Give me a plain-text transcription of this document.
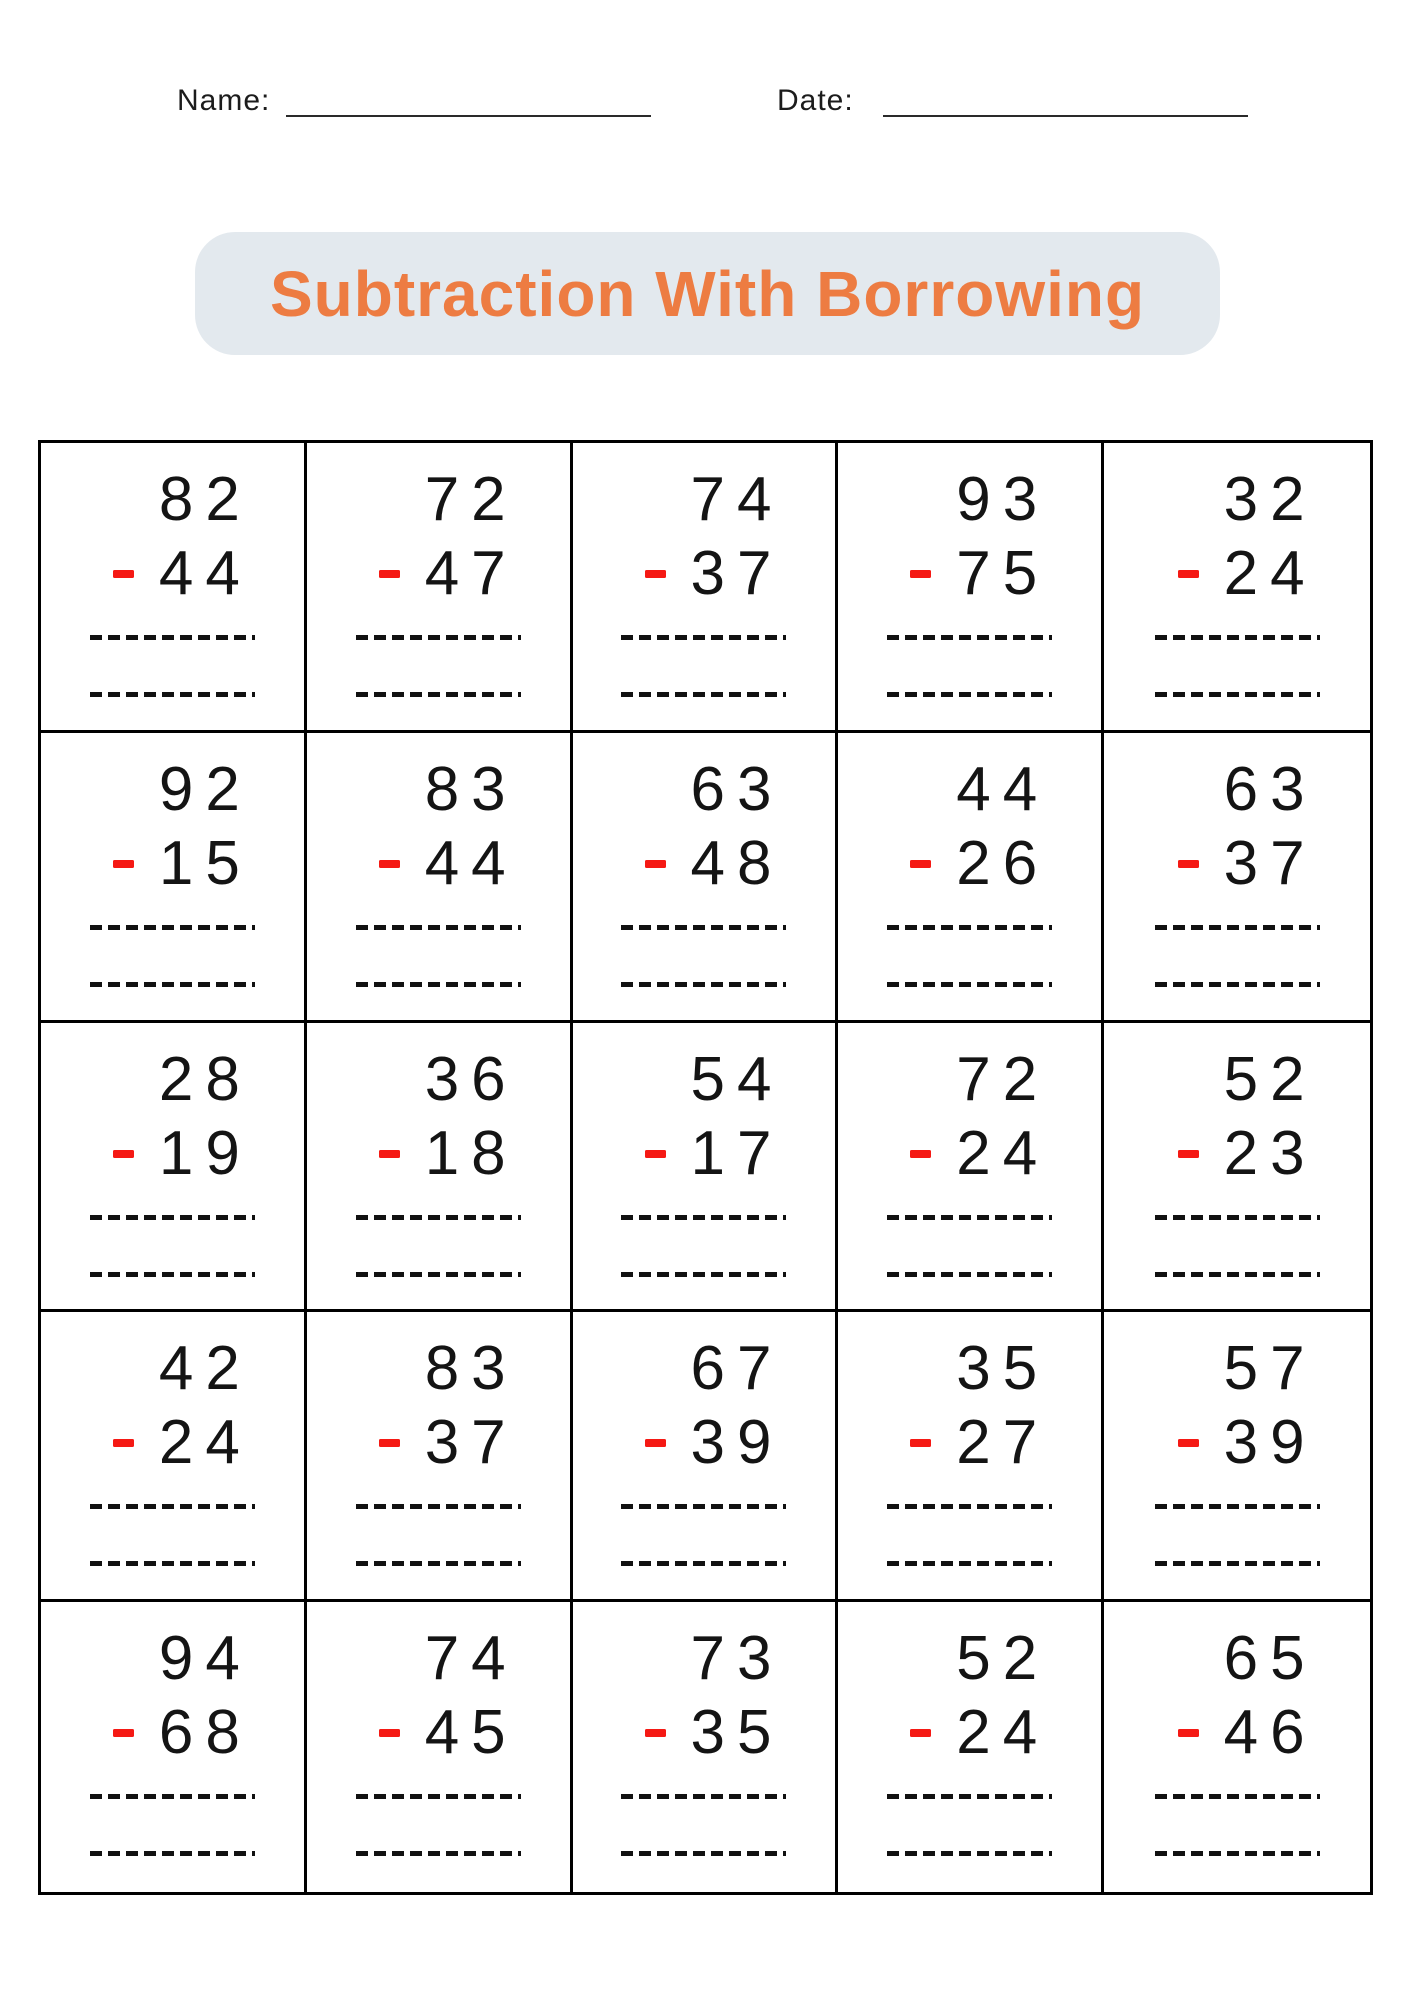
Name:	Date:
Subtraction With Borrowing
82
44
72
47
74
37
93
75
32
24
92
15
83
44
63
48
44
26
63
37
28
19
36
18
54
17
72
24
52
23
42
24
83
37
67
39
35
27
57
39
94
68
74
45
73
35
52
24
65
46
